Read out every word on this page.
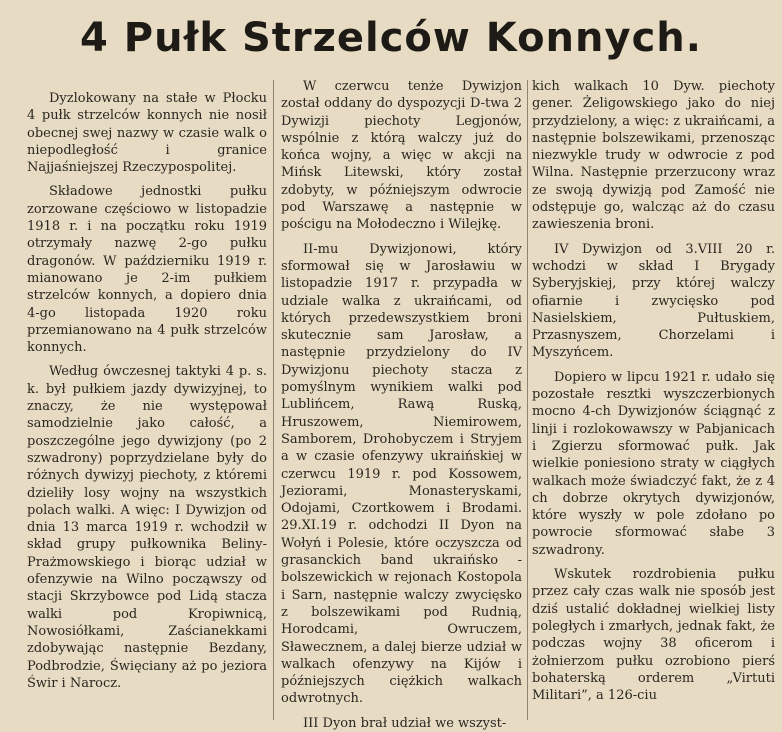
4 Pułk Strzelców Konnych.

Dyzlokowany na stałe w Płocku 4 pułk strzelców konnych nie nosił obecnej swej nazwy w czasie walk o niepodległość i granice Najjaśniejszej Rzeczypospolitej.

Składowe jednostki pułku zorzowane częściowo w listopadzie 1918 r. i na początku roku 1919 otrzymały nazwę 2-go pułku dragonów. W październiku 1919 r. mianowano je 2-im pułkiem strzelców konnych, a dopiero dnia 4-go listopada 1920 roku przemianowano na 4 pułk strzelców konnych.

Według ówczesnej taktyki 4 p. s. k. był pułkiem jazdy dywizyjnej, to znaczy, że nie występował samodzielnie jako całość, a poszczególne jego dywizjony (po 2 szwadrony) poprzydzielane były do różnych dywizyj piechoty, z któremi dzieliły losy wojny na wszystkich polach walki. A więc: I Dywizjon od dnia 13 marca 1919 r. wchodził w skład grupy pułkownika Beliny-Prażmowskiego i biorąc udział w ofenzywie na Wilno począwszy od stacji Skrzybowce pod Lidą stacza walki pod Kropiwnicą, Nowosiółkami, Zaścianekkami zdobywając następnie Bezdany, Podbrodzie, Święciany aż po jeziora Świr i Narocz.

W czerwcu tenże Dywizjon został oddany do dyspozycji D-twa 2 Dywizji piechoty Legjonów, wspólnie z którą walczy już do końca wojny, a więc w akcji na Mińsk Litewski, który został zdobyty, w późniejszym odwrocie pod Warszawę a następnie w pościgu na Mołodeczno i Wilejkę.

II-mu Dywizjonowi, który sformował się w Jarosławiu w listopadzie 1917 r. przypadła w udziale walka z ukraińcami, od których przedewszystkiem broni skutecznie sam Jarosław, a następnie przydzielony do IV Dywizjonu piechoty stacza z pomyślnym wynikiem walki pod Lublińcem, Rawą Ruską, Hruszowem, Niemirowem, Samborem, Drohobyczem i Stryjem a w czasie ofenzywy ukraińskiej w czerwcu 1919 r. pod Kossowem, Jeziorami, Monasteryskami, Odojami, Czortkowem i Brodami. 29.XI.19 r. odchodzi II Dyon na Wołyń i Polesie, które oczyszcza od grasanckich band ukraińsko - bolszewickich w rejonach Kostopola i Sarn, następnie walczy zwycięsko z bolszewikami pod Rudnią, Horodcami, Owruczem, Sławecznem, a dalej bierze udział w walkach ofenzywy na Kijów i późniejszych ciężkich walkach odwrotnych.

III Dyon brał udział we wszyst-

kich walkach 10 Dyw. piechoty gener. Żeligowskiego jako do niej przydzielony, a więc: z ukraińcami, a następnie bolszewikami, przenosząc niezwykle trudy w odwrocie z pod Wilna. Następnie przerzucony wraz ze swoją dywizją pod Zamość nie odstępuje go, walcząc aż do czasu zawieszenia broni.

IV Dywizjon od 3.VIII 20 r. wchodzi w skład I Brygady Syberyjskiej, przy której walczy ofiarnie i zwycięsko pod Nasielskiem, Pułtuskiem, Przasnyszem, Chorzelami i Myszyńcem.

Dopiero w lipcu 1921 r. udało się pozostałe resztki wyszczerbionych mocno 4-ch Dywizjonów ściągnąć z linji i rozlokowawszy w Pabjanicach i Zgierzu sformować pułk. Jak wielkie poniesiono straty w ciągłych walkach może świadczyć fakt, że z 4 ch dobrze okrytych dywizjonów, które wyszły w pole zdołano po powrocie sformować słabe 3 szwadrony.

Wskutek rozdrobienia pułku przez cały czas walk nie sposób jest dziś ustalić dokładnej wielkiej listy poległych i zmarłych, jednak fakt, że podczas wojny 38 oficerom i żołnierzom pułku ozrobiono pierś bohaterską orderem „Virtuti Militari”, a 126-ciu
